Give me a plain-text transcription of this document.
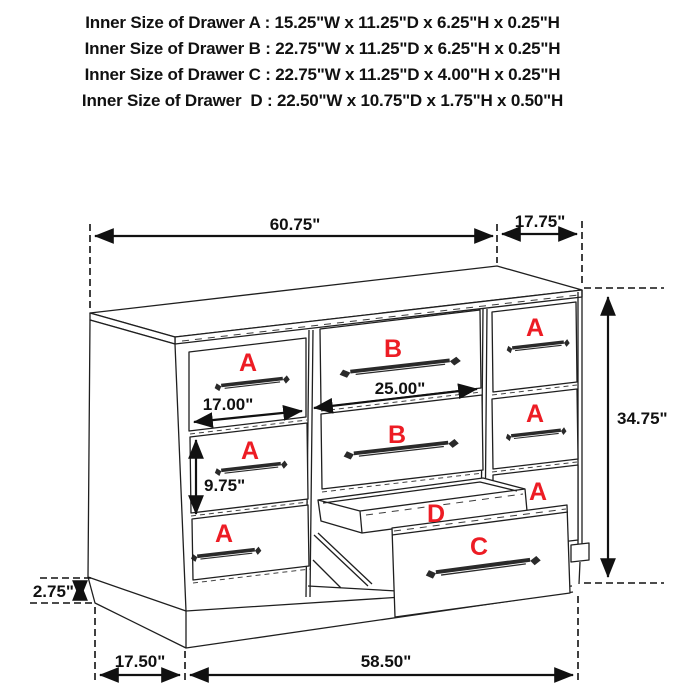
Inner Size of Drawer A : 15.25"W x 11.25"D x 6.25"H x 0.25"H
Inner Size of Drawer B : 22.75"W x 11.25"D x 6.25"H x 0.25"H
Inner Size of Drawer C : 22.75"W x 11.25"D x 4.00"H x 0.25"H
Inner Size of Drawer  D : 22.50"W x 10.75"D x 1.75"H x 0.50"H
A	B
A
A
B
A
A
A
D
C
60.75"	17.75"
34.75"
25.00"
17.00"
9.75"
2.75"
17.50"	58.50"
